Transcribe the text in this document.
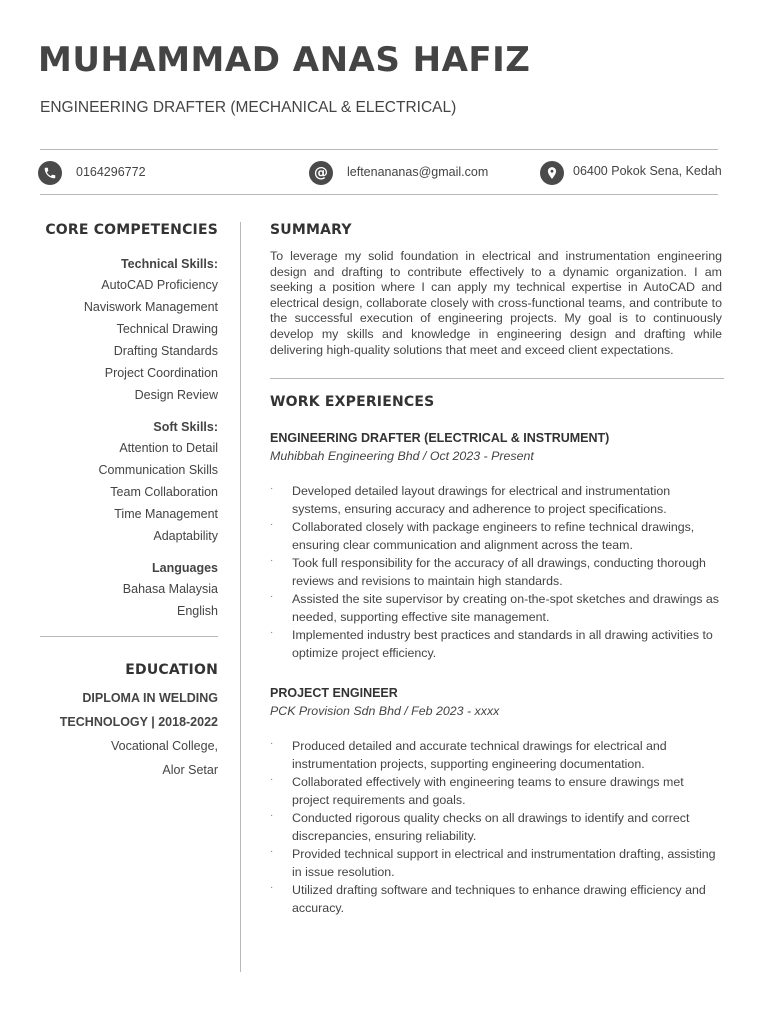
MUHAMMAD ANAS HAFIZ
ENGINEERING DRAFTER (MECHANICAL & ELECTRICAL)
0164296772	@ leftenananas@gmail.com	06400 Pokok Sena, Kedah
CORE COMPETENCIES
Technical Skills:
AutoCAD Proficiency
Naviswork Management
Technical Drawing
Drafting Standards
Project Coordination
Design Review
Soft Skills:
Attention to Detail
Communication Skills
Team Collaboration
Time Management
Adaptability
Languages
Bahasa Malaysia
English
EDUCATION
DIPLOMA IN WELDING
TECHNOLOGY | 2018-2022
Vocational College,
Alor Setar
SUMMARY
To leverage my solid foundation in electrical and instrumentation engineering design and drafting to contribute effectively to a dynamic organization. I am seeking a position where I can apply my technical expertise in AutoCAD and electrical design, collaborate closely with cross-functional teams, and contribute to the successful execution of engineering projects. My goal is to continuously develop my skills and knowledge in engineering design and drafting while delivering high-quality solutions that meet and exceed client expectations.
WORK EXPERIENCES
ENGINEERING DRAFTER (ELECTRICAL & INSTRUMENT)
Muhibbah Engineering Bhd / Oct 2023 - Present
· Developed detailed layout drawings for electrical and instrumentation systems, ensuring accuracy and adherence to project specifications.
· Collaborated closely with package engineers to refine technical drawings, ensuring clear communication and alignment across the team.
· Took full responsibility for the accuracy of all drawings, conducting thorough reviews and revisions to maintain high standards.
· Assisted the site supervisor by creating on-the-spot sketches and drawings as needed, supporting effective site management.
· Implemented industry best practices and standards in all drawing activities to optimize project efficiency.
PROJECT ENGINEER
PCK Provision Sdn Bhd / Feb 2023 - xxxx
· Produced detailed and accurate technical drawings for electrical and instrumentation projects, supporting engineering documentation.
· Collaborated effectively with engineering teams to ensure drawings met project requirements and goals.
· Conducted rigorous quality checks on all drawings to identify and correct discrepancies, ensuring reliability.
· Provided technical support in electrical and instrumentation drafting, assisting in issue resolution.
· Utilized drafting software and techniques to enhance drawing efficiency and accuracy.
